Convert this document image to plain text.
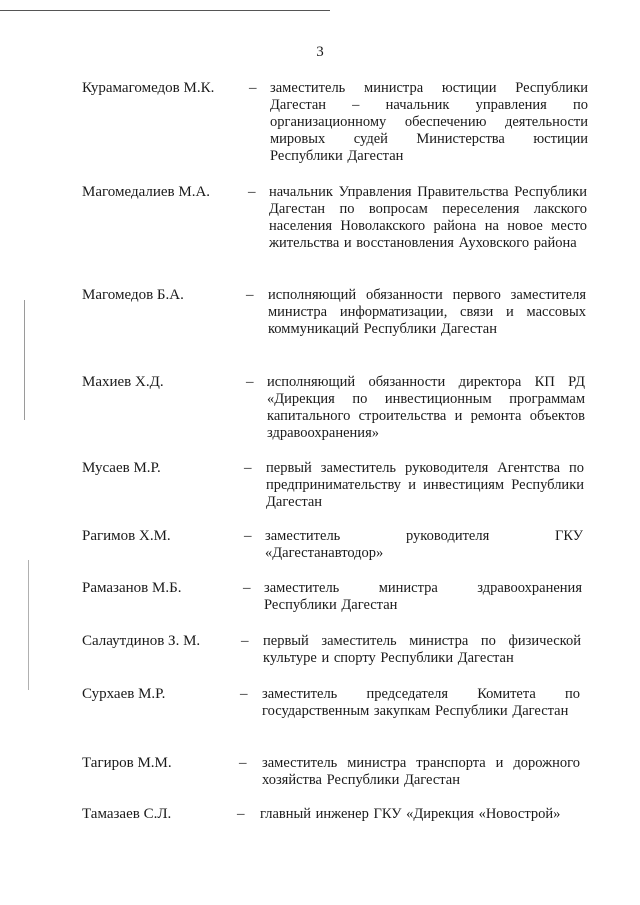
3
Курамагомедов М.К. – заместитель министра юстиции Республики Дагестан – начальник управления по организационному обеспечению деятельности мировых судей Министерства юстиции Республики Дагестан
Магомедалиев М.А.	– начальник Управления Правительства Республики Дагестан по вопросам переселения лакского населения Новолакского района на новое место жительства и восстановления Ауховского района
Магомедов Б.А.	– исполняющий обязанности первого заместителя министра информатизации, связи и массовых коммуникаций Республики Дагестан
Махиев Х.Д.	– исполняющий обязанности директора КП РД «Дирекция по инвестиционным программам капитального строительства и ремонта объектов здравоохранения»
Мусаев М.Р.	– первый заместитель руководителя Агентства по предпринимательству и инвестициям Республики Дагестан
Рагимов Х.М.	– заместитель руководителя ГКУ «Дагестанавтодор»
Рамазанов М.Б.	– заместитель министра здравоохранения Республики Дагестан
Салаутдинов З. М.	– первый заместитель министра по физической культуре и спорту Республики Дагестан
Сурхаев М.Р.	– заместитель председателя Комитета по государственным закупкам Республики Дагестан
Тагиров М.М.	– заместитель министра транспорта и дорожного хозяйства Республики Дагестан
Тамазаев С.Л.	– главный инженер ГКУ «Дирекция «Новострой»
